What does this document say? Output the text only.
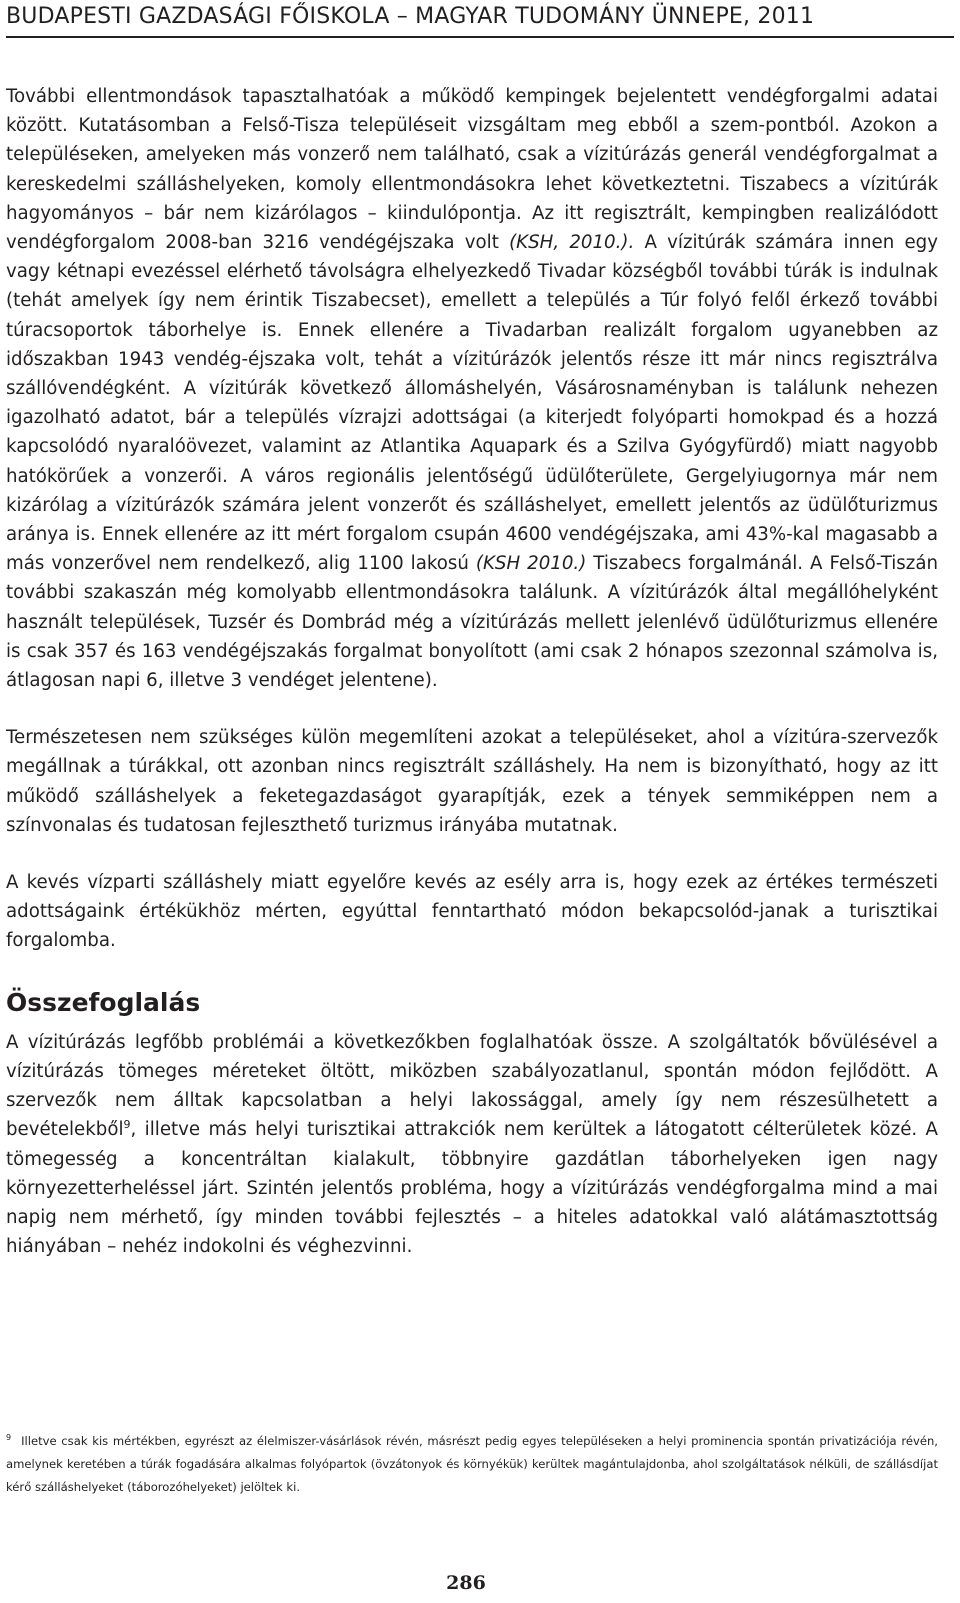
BUDAPESTI GAZDASÁGI FŐISKOLA – MAGYAR TUDOMÁNY ÜNNEPE, 2011

További ellentmondások tapasztalhatóak a működő kempingek bejelentett vendégforgalmi adatai között. Kutatásomban a Felső-Tisza településeit vizsgáltam meg ebből a szem-pontból. Azokon a településeken, amelyeken más vonzerő nem található, csak a vízitúrázás generál vendégforgalmat a kereskedelmi szálláshelyeken, komoly ellentmondásokra lehet következtetni. Tiszabecs a vízitúrák hagyományos – bár nem kizárólagos – kiindulópontja. Az itt regisztrált, kempingben realizálódott vendégforgalom 2008-ban 3216 vendégéjszaka volt (KSH, 2010.). A vízitúrák számára innen egy vagy kétnapi evezéssel elérhető távolságra elhelyezkedő Tivadar községből további túrák is indulnak (tehát amelyek így nem érintik Tiszabecset), emellett a település a Túr folyó felől érkező további túracsoportok táborhelye is. Ennek ellenére a Tivadarban realizált forgalom ugyanebben az időszakban 1943 vendég-éjszaka volt, tehát a vízitúrázók jelentős része itt már nincs regisztrálva szállóvendégként. A vízitúrák következő állomáshelyén, Vásárosnaményban is találunk nehezen igazolható adatot, bár a település vízrajzi adottságai (a kiterjedt folyóparti homokpad és a hozzá kapcsolódó nyaralóövezet, valamint az Atlantika Aquapark és a Szilva Gyógyfürdő) miatt nagyobb hatókörűek a vonzerői. A város regionális jelentőségű üdülőterülete, Gergelyiugornya már nem kizárólag a vízitúrázók számára jelent vonzerőt és szálláshelyet, emellett jelentős az üdülőturizmus aránya is. Ennek ellenére az itt mért forgalom csupán 4600 vendégéjszaka, ami 43%-kal magasabb a más vonzerővel nem rendelkező, alig 1100 lakosú (KSH 2010.) Tiszabecs forgalmánál. A Felső-Tiszán további szakaszán még komolyabb ellentmondásokra találunk. A vízitúrázók által megállóhelyként használt települések, Tuzsér és Dombrád még a vízitúrázás mellett jelenlévő üdülőturizmus ellenére is csak 357 és 163 vendégéjszakás forgalmat bonyolított (ami csak 2 hónapos szezonnal számolva is, átlagosan napi 6, illetve 3 vendéget jelentene).

Természetesen nem szükséges külön megemlíteni azokat a településeket, ahol a vízitúra-szervezők megállnak a túrákkal, ott azonban nincs regisztrált szálláshely. Ha nem is bizonyítható, hogy az itt működő szálláshelyek a feketegazdaságot gyarapítják, ezek a tények semmiképpen nem a színvonalas és tudatosan fejleszthető turizmus irányába mutatnak.

A kevés vízparti szálláshely miatt egyelőre kevés az esély arra is, hogy ezek az értékes természeti adottságaink értékükhöz mérten, egyúttal fenntartható módon bekapcsolód-janak a turisztikai forgalomba.

Összefoglalás

A vízitúrázás legfőbb problémái a következőkben foglalhatóak össze. A szolgáltatók bővülésével a vízitúrázás tömeges méreteket öltött, miközben szabályozatlanul, spontán módon fejlődött. A szervezők nem álltak kapcsolatban a helyi lakossággal, amely így nem részesülhetett a bevételekből$^9$, illetve más helyi turisztikai attrakciók nem kerültek a látogatott célterületek közé. A tömegesség a koncentráltan kialakult, többnyire gazdátlan táborhelyeken igen nagy környezetterheléssel járt. Szintén jelentős probléma, hogy a vízitúrázás vendégforgalma mind a mai napig nem mérhető, így minden további fejlesztés – a hiteles adatokkal való alátámasztottság hiányában – nehéz indokolni és véghezvinni.

$^9$ Illetve csak kis mértékben, egyrészt az élelmiszer-vásárlások révén, másrészt pedig egyes településeken a helyi prominencia spontán privatizációja révén, amelynek keretében a túrák fogadására alkalmas folyópartok (övzátonyok és környékük) kerültek magántulajdonba, ahol szolgáltatások nélküli, de szállásdíjat kérő szálláshelyeket (táborozóhelyeket) jelöltek ki.
286
